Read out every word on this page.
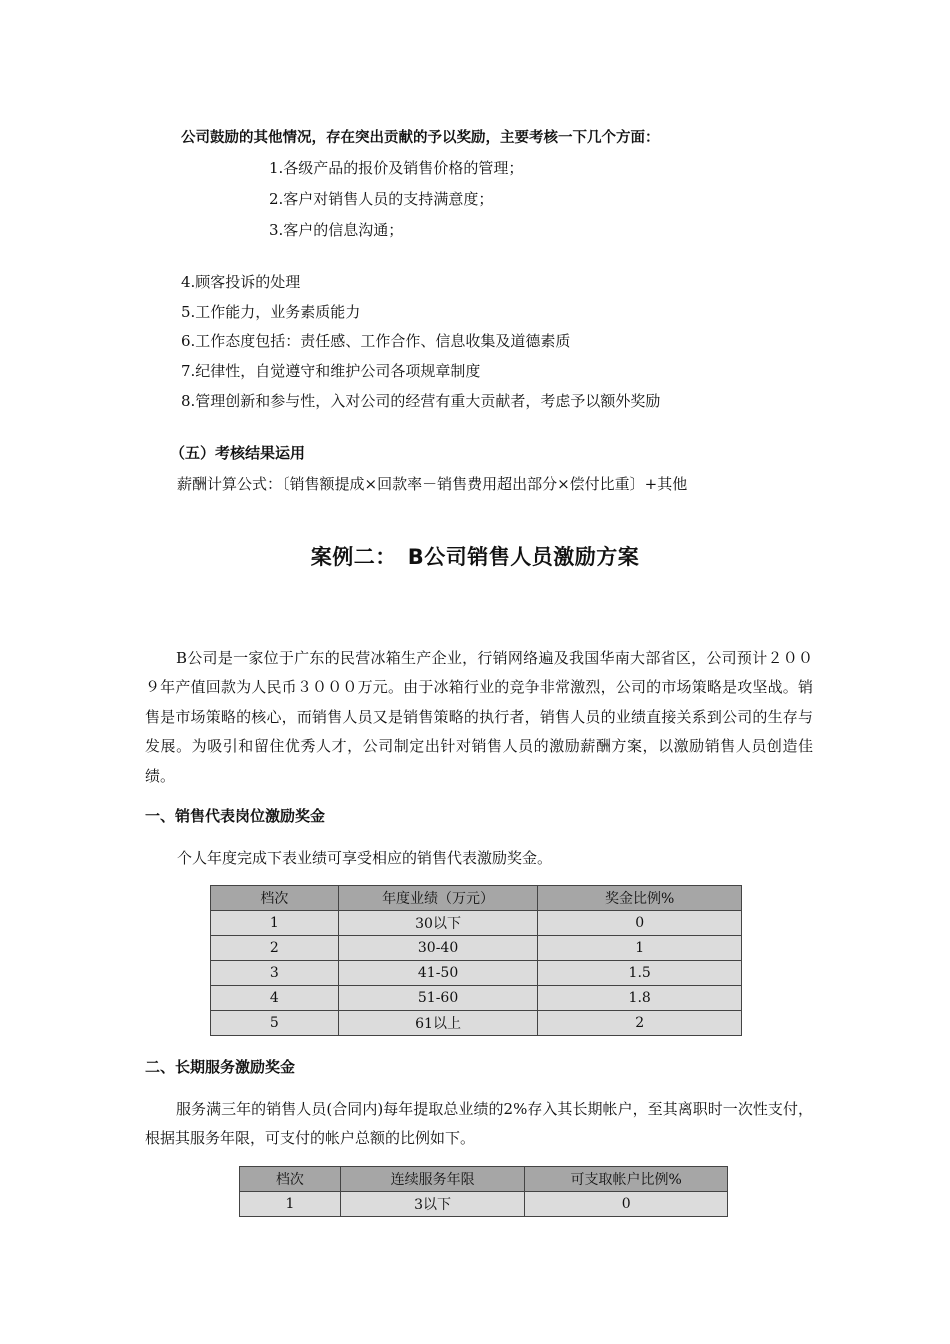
公司鼓励的其他情况，存在突出贡献的予以奖励，主要考核一下几个方面：
1.各级产品的报价及销售价格的管理；
2.客户对销售人员的支持满意度；
3.客户的信息沟通；
4.顾客投诉的处理
5.工作能力，业务素质能力
6.工作态度包括：责任感、工作合作、信息收集及道德素质
7.纪律性，自觉遵守和维护公司各项规章制度
8.管理创新和参与性，入对公司的经营有重大贡献者，考虑予以额外奖励
（五）考核结果运用
薪酬计算公式：〔销售额提成×回款率－销售费用超出部分×偿付比重〕+其他
案例二：　B公司销售人员激励方案
B公司是一家位于广东的民营冰箱生产企业，行销网络遍及我国华南大部省区，公司预计２００９年产值回款为人民币３０００万元。由于冰箱行业的竞争非常激烈，公司的市场策略是攻坚战。销售是市场策略的核心，而销售人员又是销售策略的执行者，销售人员的业绩直接关系到公司的生存与发展。为吸引和留住优秀人才，公司制定出针对销售人员的激励薪酬方案，以激励销售人员创造佳绩。
一、销售代表岗位激励奖金
个人年度完成下表业绩可享受相应的销售代表激励奖金。
档次	年度业绩（万元）	奖金比例%
1	30以下	0
2	30-40	1
3	41-50	1.5
4	51-60	1.8
5	61以上	2
二、长期服务激励奖金
服务满三年的销售人员(合同内)每年提取总业绩的2%存入其长期帐户，至其离职时一次性支付，根据其服务年限，可支付的帐户总额的比例如下。
档次	连续服务年限	可支取帐户比例%
1	3以下	0
